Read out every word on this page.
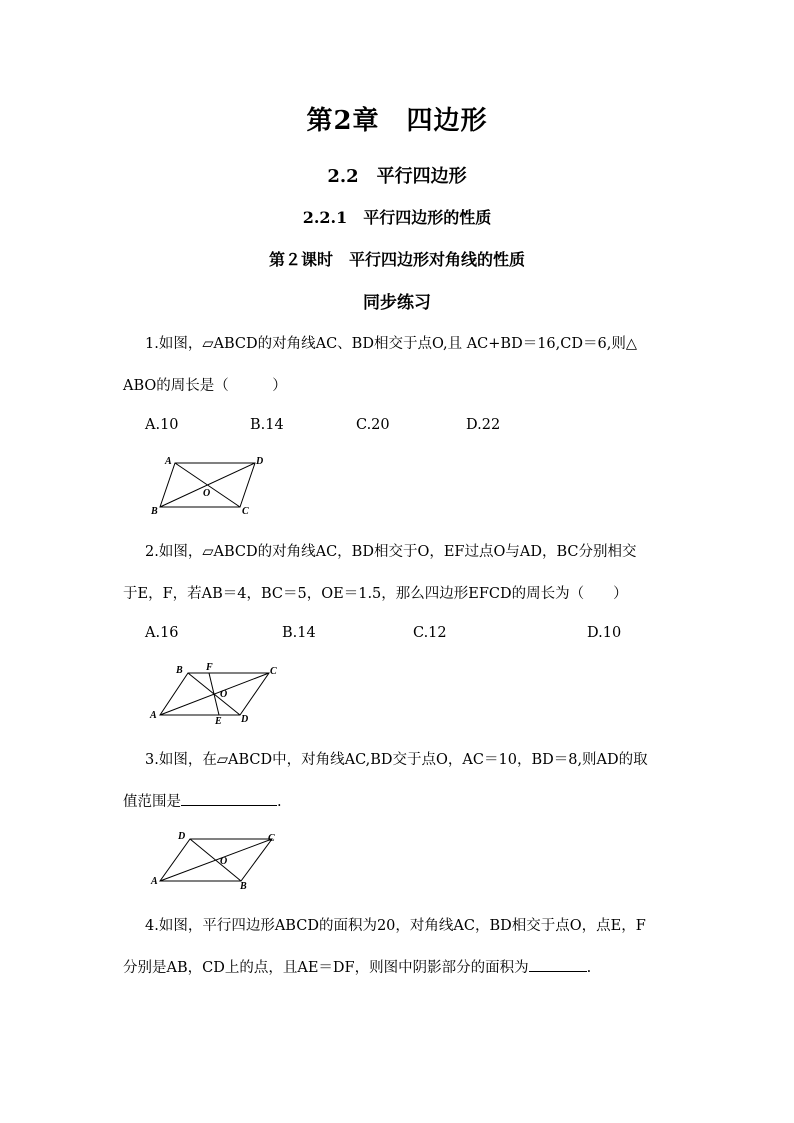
第2章　四边形
2.2　平行四边形
2.2.1　平行四边形的性质
第２课时　平行四边形对角线的性质
同步练习
1.如图，▱ABCD的对角线AC、BD相交于点O,且 AC+BD＝16,CD＝6,则△
ABO的周长是（　　　）
A.10	B.14	C.20	D.22
A	D
O
B	C
2.如图，▱ABCD的对角线AC，BD相交于O，EF过点O与AD，BC分别相交
于E，F，若AB＝4，BC＝5，OE＝1.5，那么四边形EFCD的周长为（　　）
A.16	B.14	C.12	D.10
B F	C
O
A
E D
3.如图，在▱ABCD中，对角线AC,BD交于点O，AC＝10，BD＝8,则AD的取
值范围是	.
D	C
O
A	B
4.如图，平行四边形ABCD的面积为20，对角线AC，BD相交于点O，点E，F
分别是AB，CD上的点，且AE＝DF，则图中阴影部分的面积为	.
